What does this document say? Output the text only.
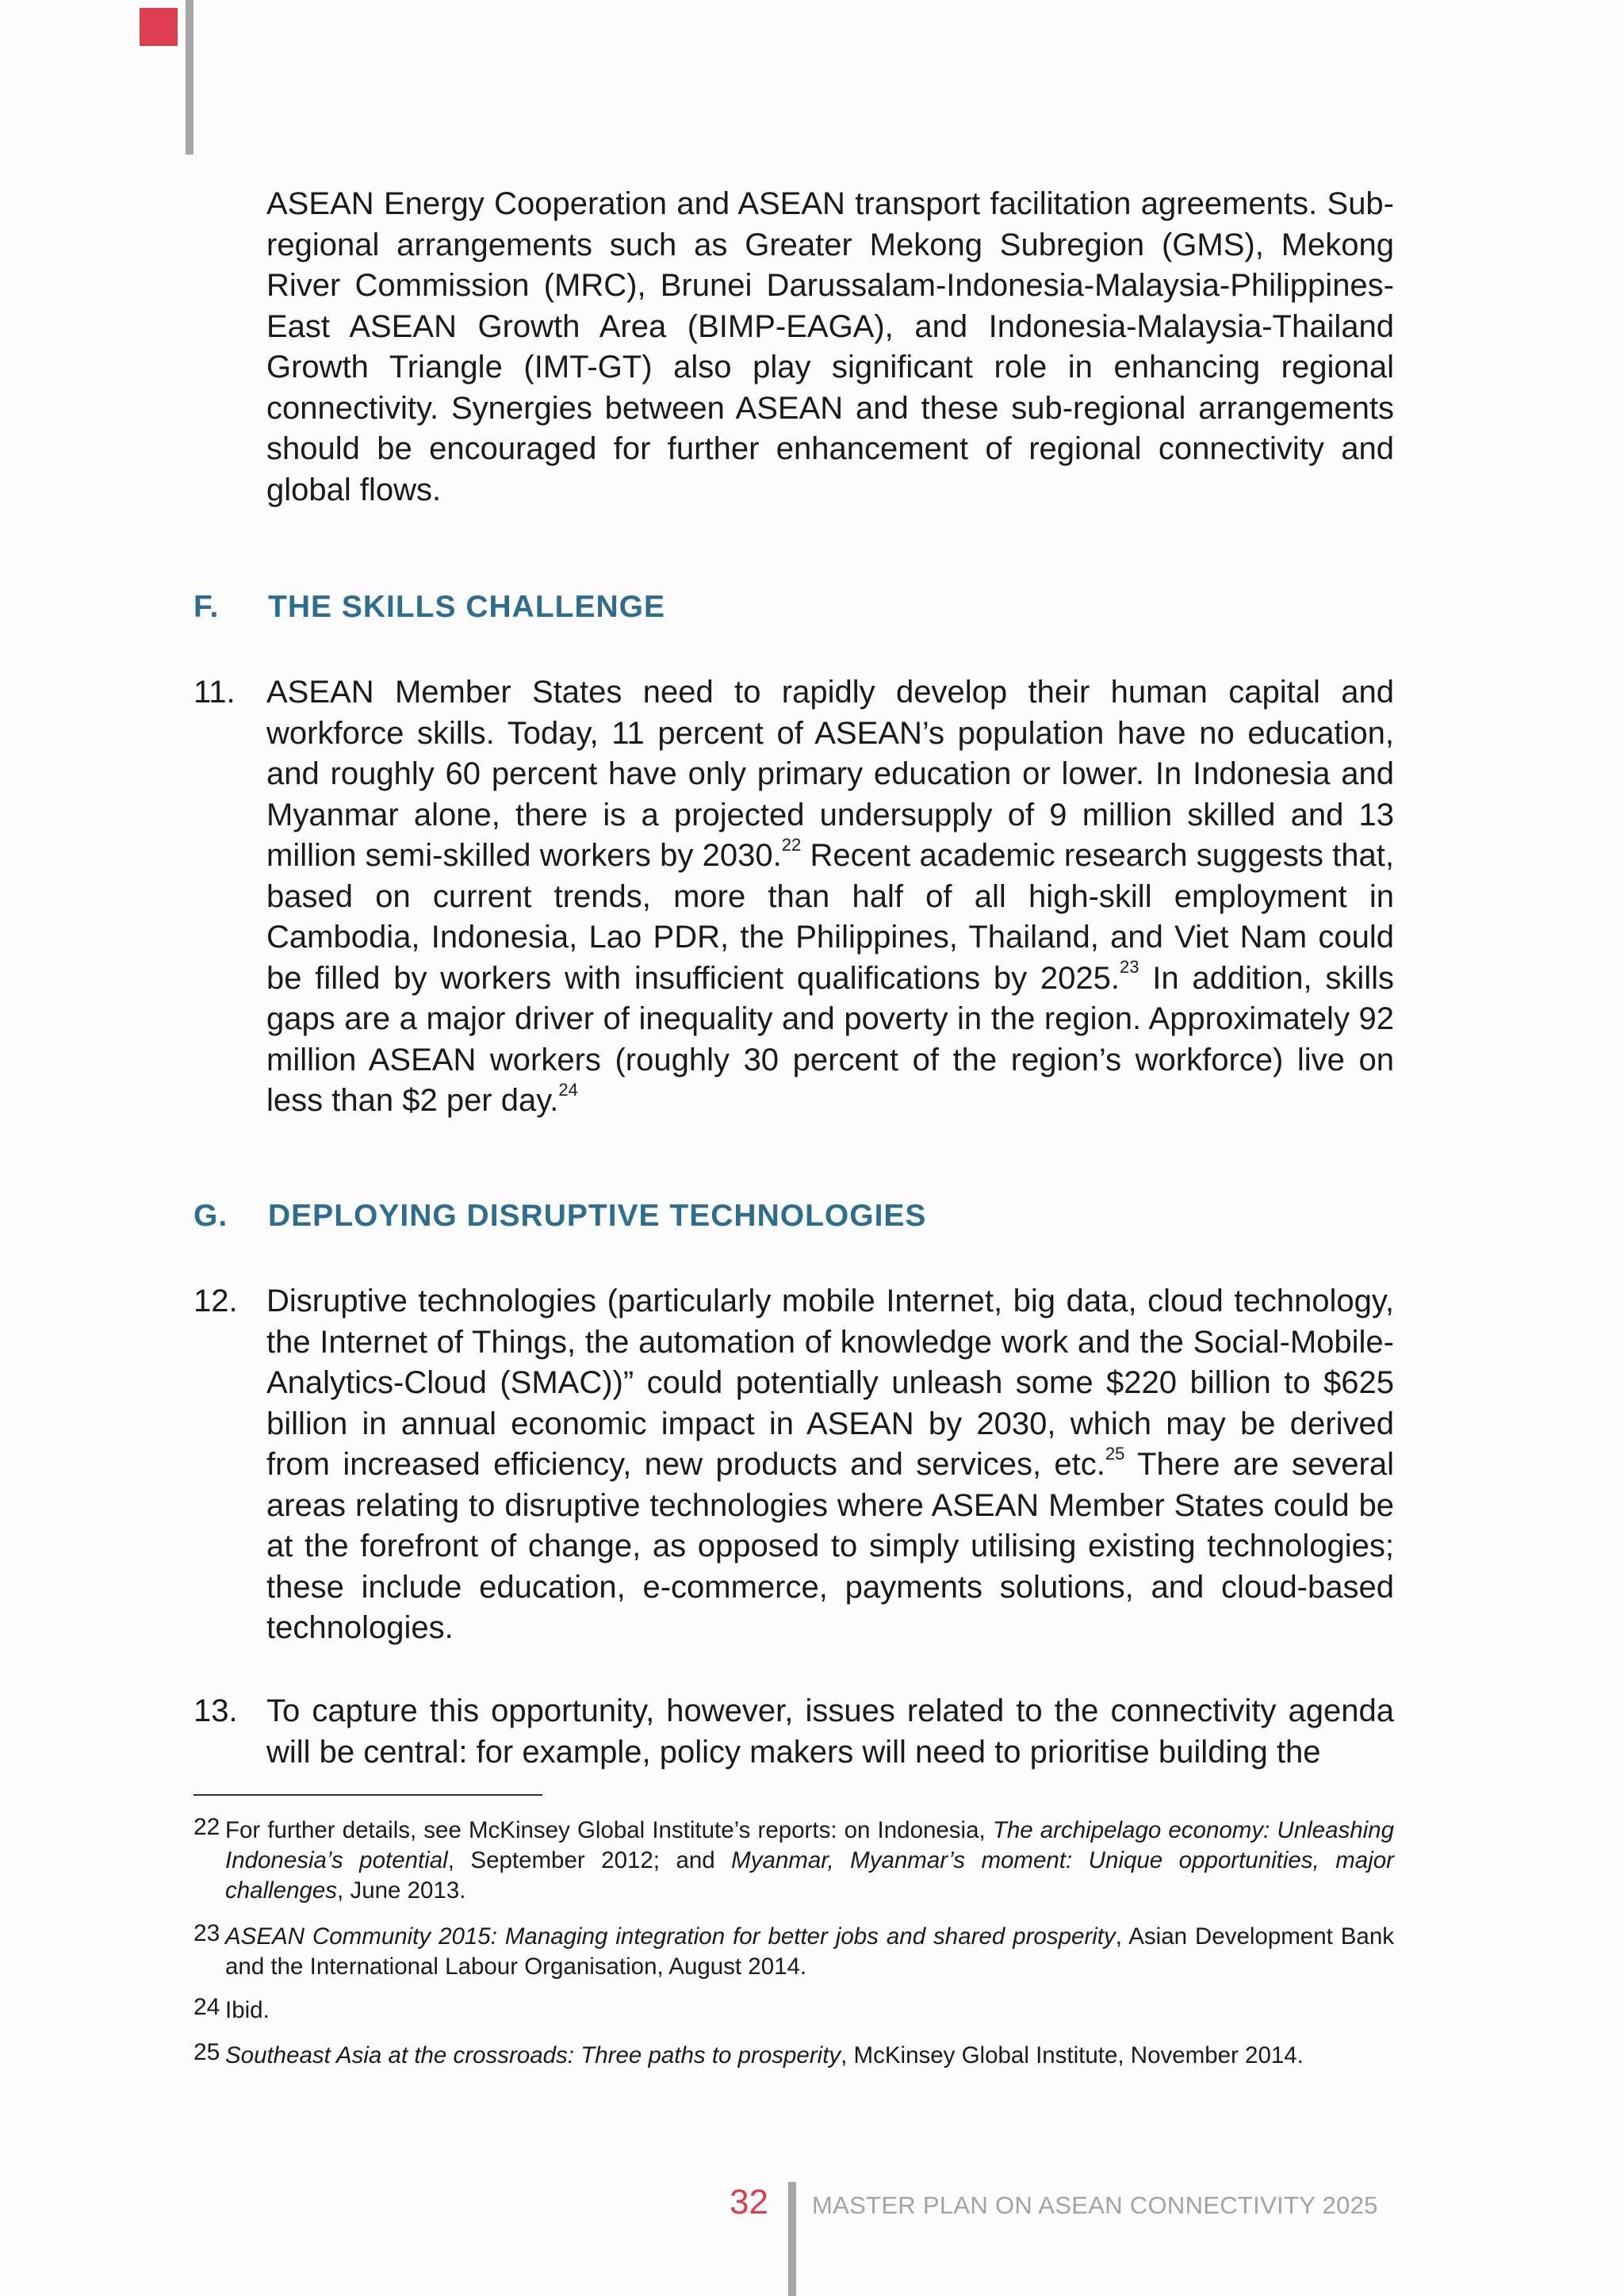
ASEAN Energy Cooperation and ASEAN transport facilitation agreements. Sub-regional arrangements such as Greater Mekong Subregion (GMS), Mekong River Commission (MRC), Brunei Darussalam-Indonesia-Malaysia-Philippines-East ASEAN Growth Area (BIMP-EAGA), and Indonesia-Malaysia-Thailand Growth Triangle (IMT-GT) also play significant role in enhancing regional connectivity. Synergies between ASEAN and these sub-regional arrangements should be encouraged for further enhancement of regional connectivity and global flows.

F. THE SKILLS CHALLENGE
11. ASEAN Member States need to rapidly develop their human capital and workforce skills. Today, 11 percent of ASEAN’s population have no education, and roughly 60 percent have only primary education or lower. In Indonesia and Myanmar alone, there is a projected undersupply of 9 million skilled and 13 million semi-skilled workers by 2030.22 Recent academic research suggests that, based on current trends, more than half of all high-skill employment in Cambodia, Indonesia, Lao PDR, the Philippines, Thailand, and Viet Nam could be filled by workers with insufficient qualifications by 2025.23 In addition, skills gaps are a major driver of inequality and poverty in the region. Approximately 92 million ASEAN workers (roughly 30 percent of the region’s workforce) live on less than $2 per day.$^{24}$

G. DEPLOYING DISRUPTIVE TECHNOLOGIES
12. Disruptive technologies (particularly mobile Internet, big data, cloud technology, the Internet of Things, the automation of knowledge work and the Social-Mobile-Analytics-Cloud (SMAC))” could potentially unleash some $220 billion to $625 billion in annual economic impact in ASEAN by 2030, which may be derived from increased efficiency, new products and services, etc.$^{25}$ There are several areas relating to disruptive technologies where ASEAN Member States could be at the forefront of change, as opposed to simply utilising existing technologies; these include education, e-commerce, payments solutions, and cloud-based technologies.

13. To capture this opportunity, however, issues related to the connectivity agenda will be central: for example, policy makers will need to prioritise building the

22 For further details, see McKinsey Global Institute’s reports: on Indonesia, The archipelago economy: Unleashing Indonesia’s potential, September 2012; and Myanmar, Myanmar’s moment: Unique opportunities, major challenges, June 2013.
23 ASEAN Community 2015: Managing integration for better jobs and shared prosperity, Asian Development Bank and the International Labour Organisation, August 2014.
24 Ibid.
25 Southeast Asia at the crossroads: Three paths to prosperity, McKinsey Global Institute, November 2014.
32 MASTER PLAN ON ASEAN CONNECTIVITY 2025
